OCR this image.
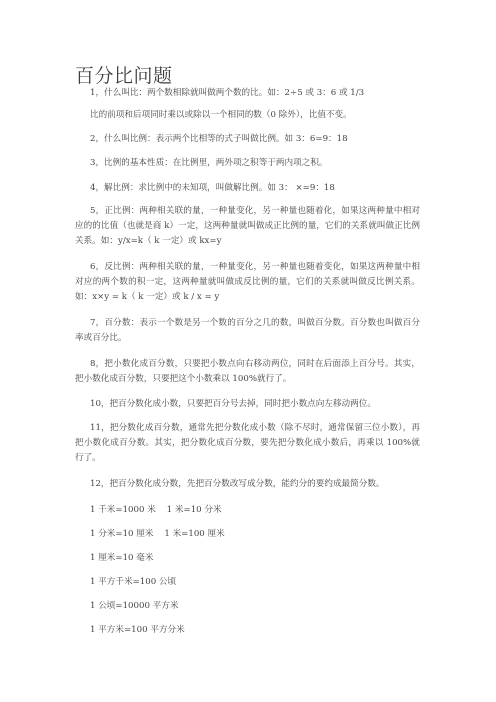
百分比问题
1，什么叫比：两个数相除就叫做两个数的比。如：2÷5 或 3：6 或 1/3
比的前项和后项同时乘以或除以一个相同的数（0 除外），比值不变。
2，什么叫比例：表示两个比相等的式子叫做比例。如 3：6=9：18
3，比例的基本性质：在比例里，两外项之积等于两内项之积。
4，解比例：求比例中的未知项，叫做解比例。如 3： ×=9：18
5，正比例：两种相关联的量，一种量变化，另一种量也随着化，如果这两种量中相对应的的比值（也就是商 k）一定，这两种量就叫做成正比例的量，它们的关系就叫做正比例关系。如：y/x=k（ k 一定）或 kx=y
6，反比例：两种相关联的量，一种量变化，另一种量也随着变化，如果这两种量中相对应的两个数的积一定，这两种量就叫做成反比例的量，它们的关系就叫做反比例关系。如：x×y = k（ k 一定）或 k / x = y
7，百分数：表示一个数是另一个数的百分之几的数，叫做百分数。百分数也叫做百分率或百分比。
8，把小数化成百分数，只要把小数点向右移动两位，同时在后面添上百分号。其实，把小数化成百分数，只要把这个小数乘以 100%就行了。
10，把百分数化成小数，只要把百分号去掉，同时把小数点向左移动两位。
11，把分数化成百分数，通常先把分数化成小数（除不尽时，通常保留三位小数），再把小数化成百分数。其实，把分数化成百分数，要先把分数化成小数后，再乘以 100%就行了。
12，把百分数化成分数，先把百分数改写成分数，能约分的要约成最简分数。
1 千米=1000 米    1 米=10 分米
1 分米=10 厘米    1 米=100 厘米
1 厘米=10 毫米
1 平方千米=100 公顷
1 公顷=10000 平方米
1 平方米=100 平方分米
